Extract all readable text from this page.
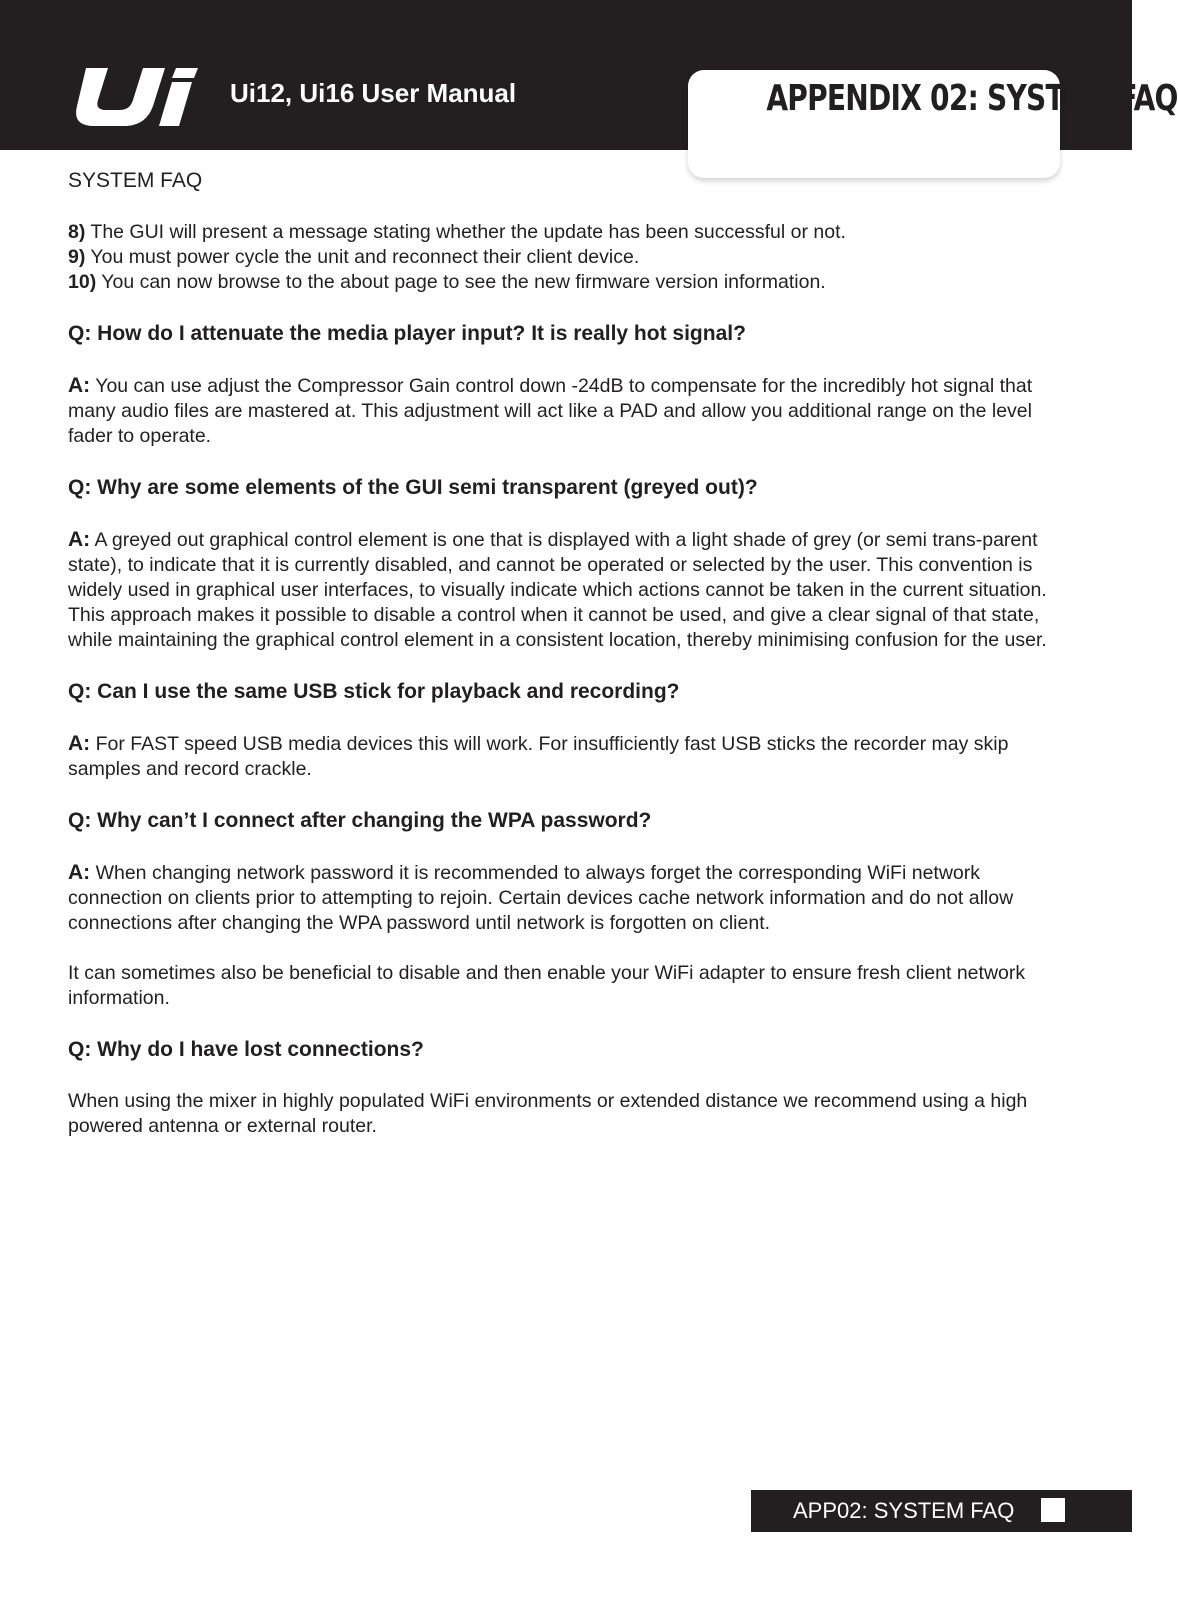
Ui12, Ui16 User Manual	APPENDIX 02: SYSTEM FAQ
SYSTEM FAQ

8) The GUI will present a message stating whether the update has been successful or not.

9) You must power cycle the unit and reconnect their client device.

10) You can now browse to the about page to see the new firmware version information.

Q: How do I attenuate the media player input? It is really hot signal?

A: You can use adjust the Compressor Gain control down -24dB to compensate for the incredibly hot signal that many audio files are mastered at. This adjustment will act like a PAD and allow you additional range on the level fader to operate.

Q: Why are some elements of the GUI semi transparent (greyed out)?

A: A greyed out graphical control element is one that is displayed with a light shade of grey (or semi trans-parent state), to indicate that it is currently disabled, and cannot be operated or selected by the user. This convention is widely used in graphical user interfaces, to visually indicate which actions cannot be taken in the current situation. This approach makes it possible to disable a control when it cannot be used, and give a clear signal of that state, while maintaining the graphical control element in a consistent location, thereby minimising confusion for the user.

Q: Can I use the same USB stick for playback and recording?

A: For FAST speed USB media devices this will work. For insufficiently fast USB sticks the recorder may skip samples and record crackle.

Q: Why can’t I connect after changing the WPA password?

A: When changing network password it is recommended to always forget the corresponding WiFi network connection on clients prior to attempting to rejoin. Certain devices cache network information and do not allow connections after changing the WPA password until network is forgotten on client.

It can sometimes also be beneficial to disable and then enable your WiFi adapter to ensure fresh client network information.

Q: Why do I have lost connections?

When using the mixer in highly populated WiFi environments or extended distance we recommend using a high powered antenna or external router.

APP02: SYSTEM FAQ
